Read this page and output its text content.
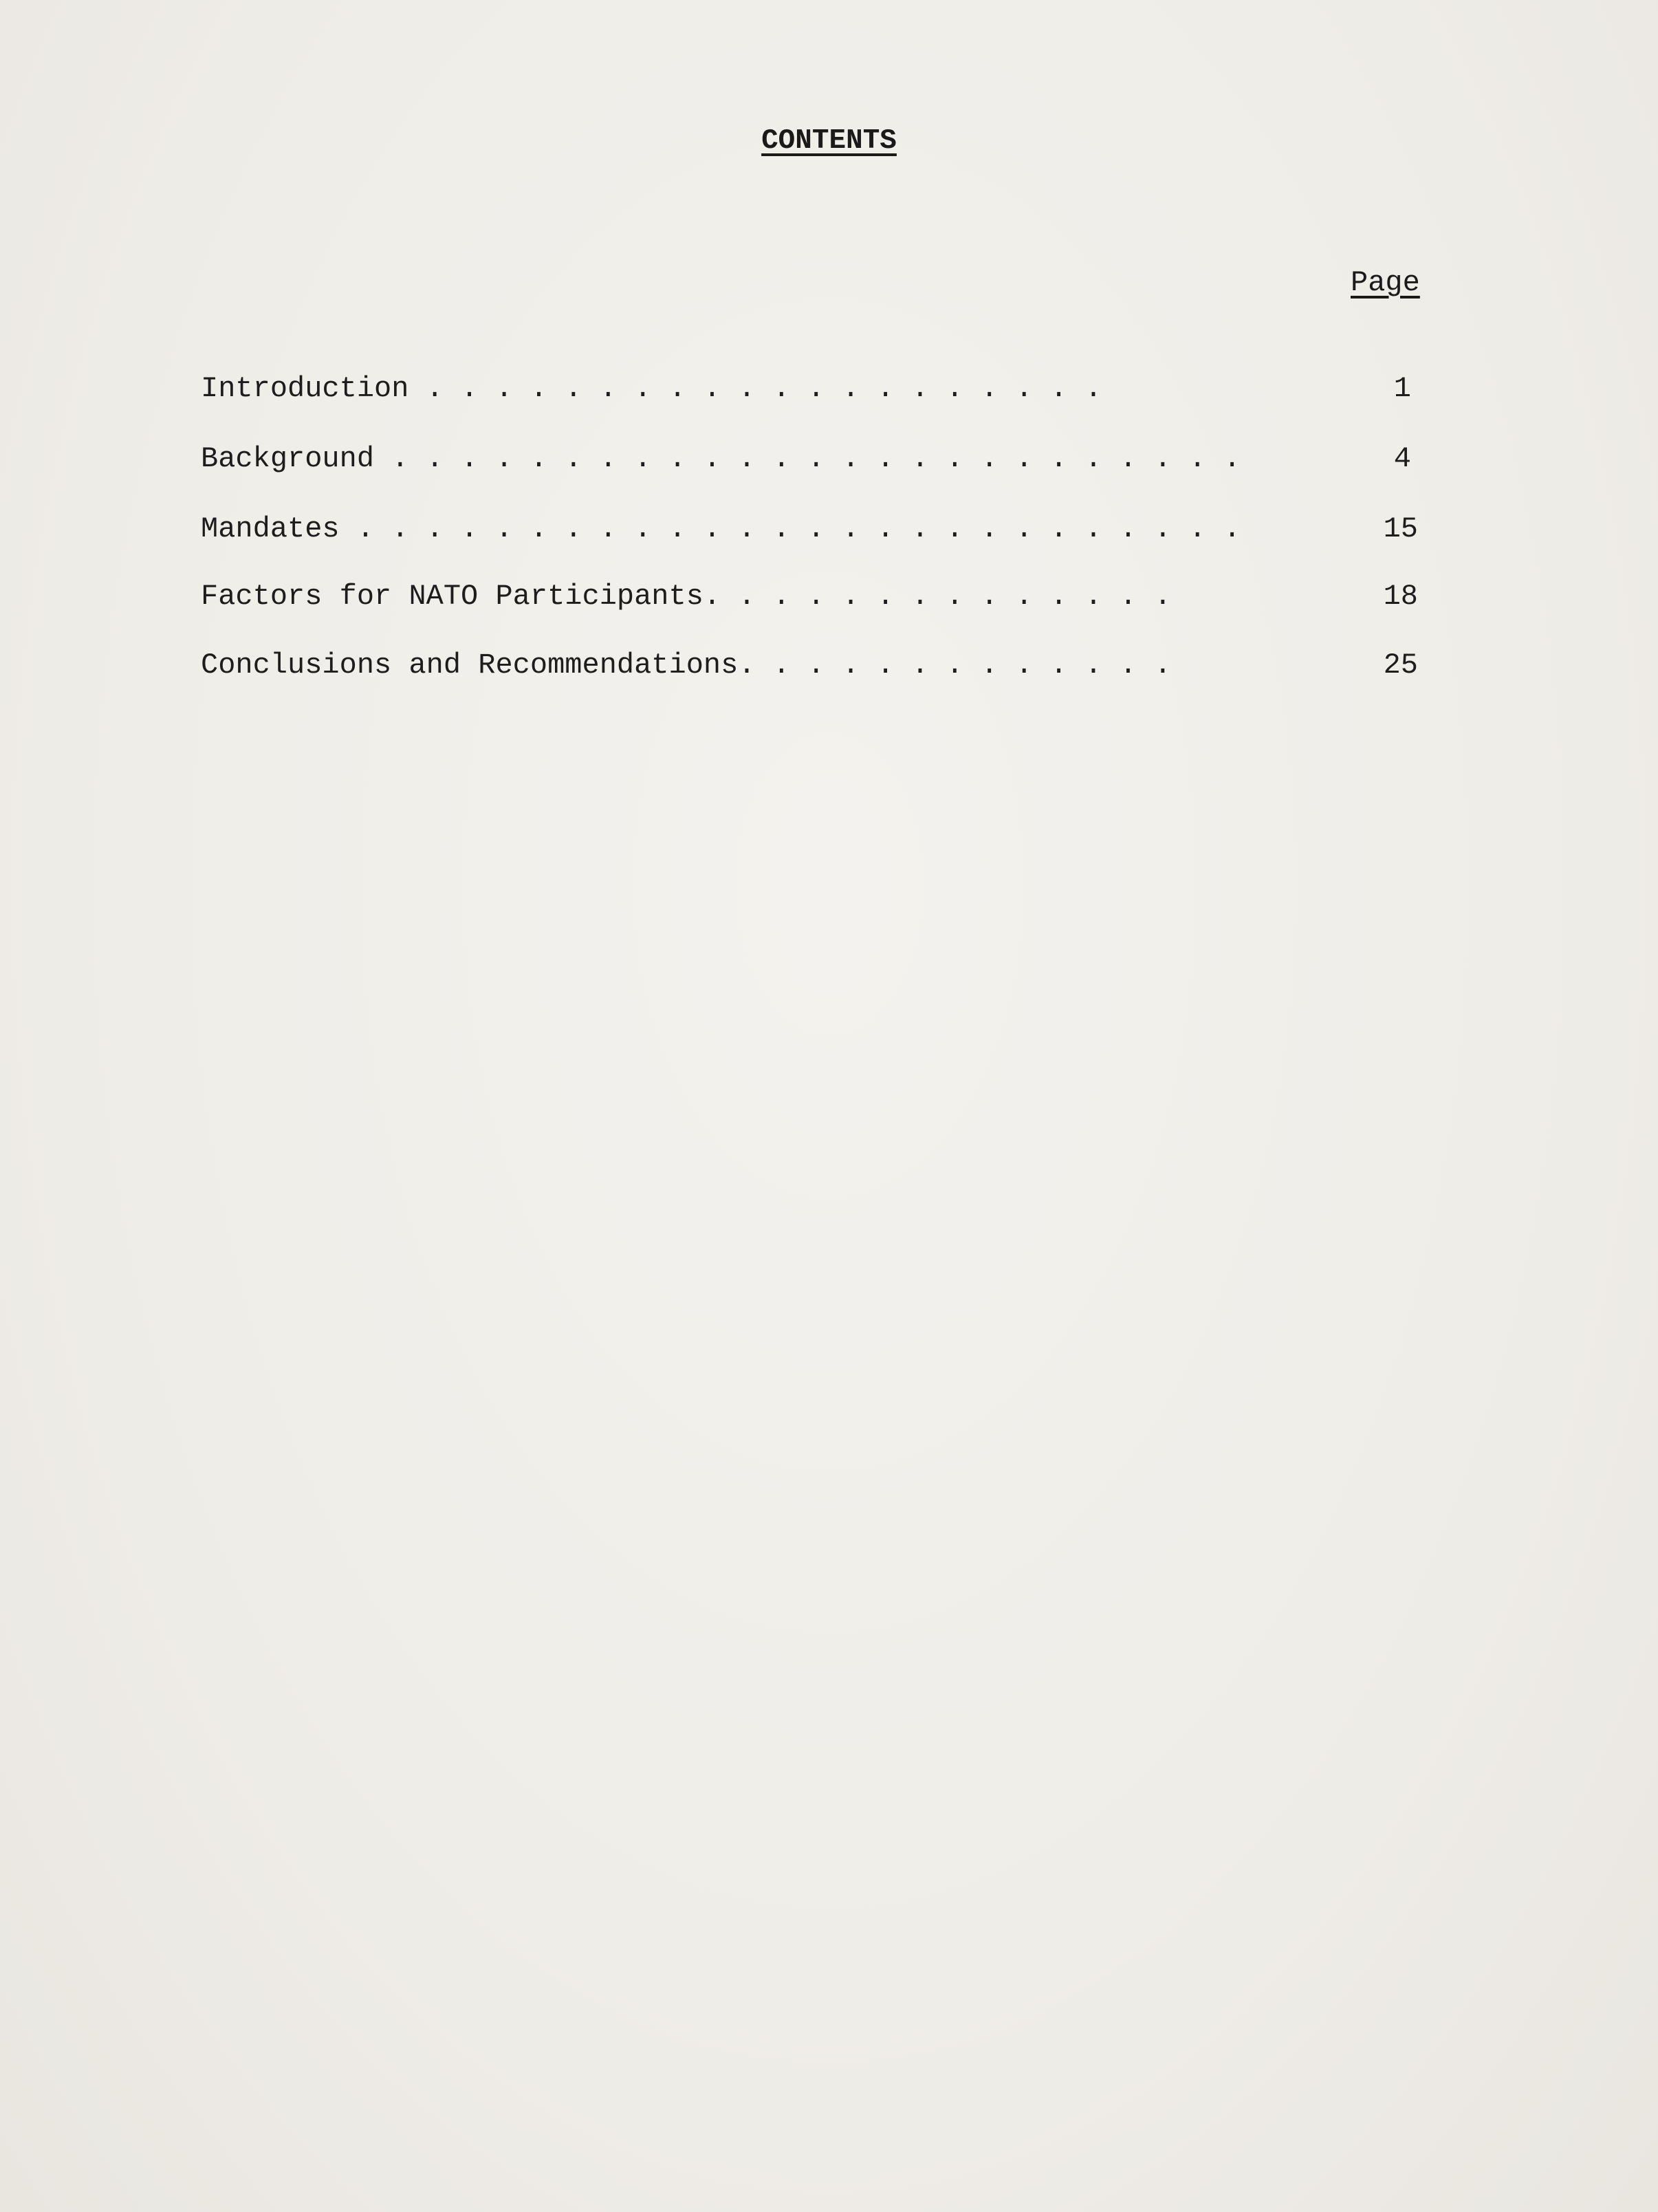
CONTENTS
Page
Introduction . . . . . . . . . . . . . . . . . . . .	1
Background . . . . . . . . . . . . . . . . . . . . . . . . .	4
Mandates . . . . . . . . . . . . . . . . . . . . . . . . . .	15
Factors for NATO Participants. . . . . . . . . . . . . .	18
Conclusions and Recommendations. . . . . . . . . . . . .	25
